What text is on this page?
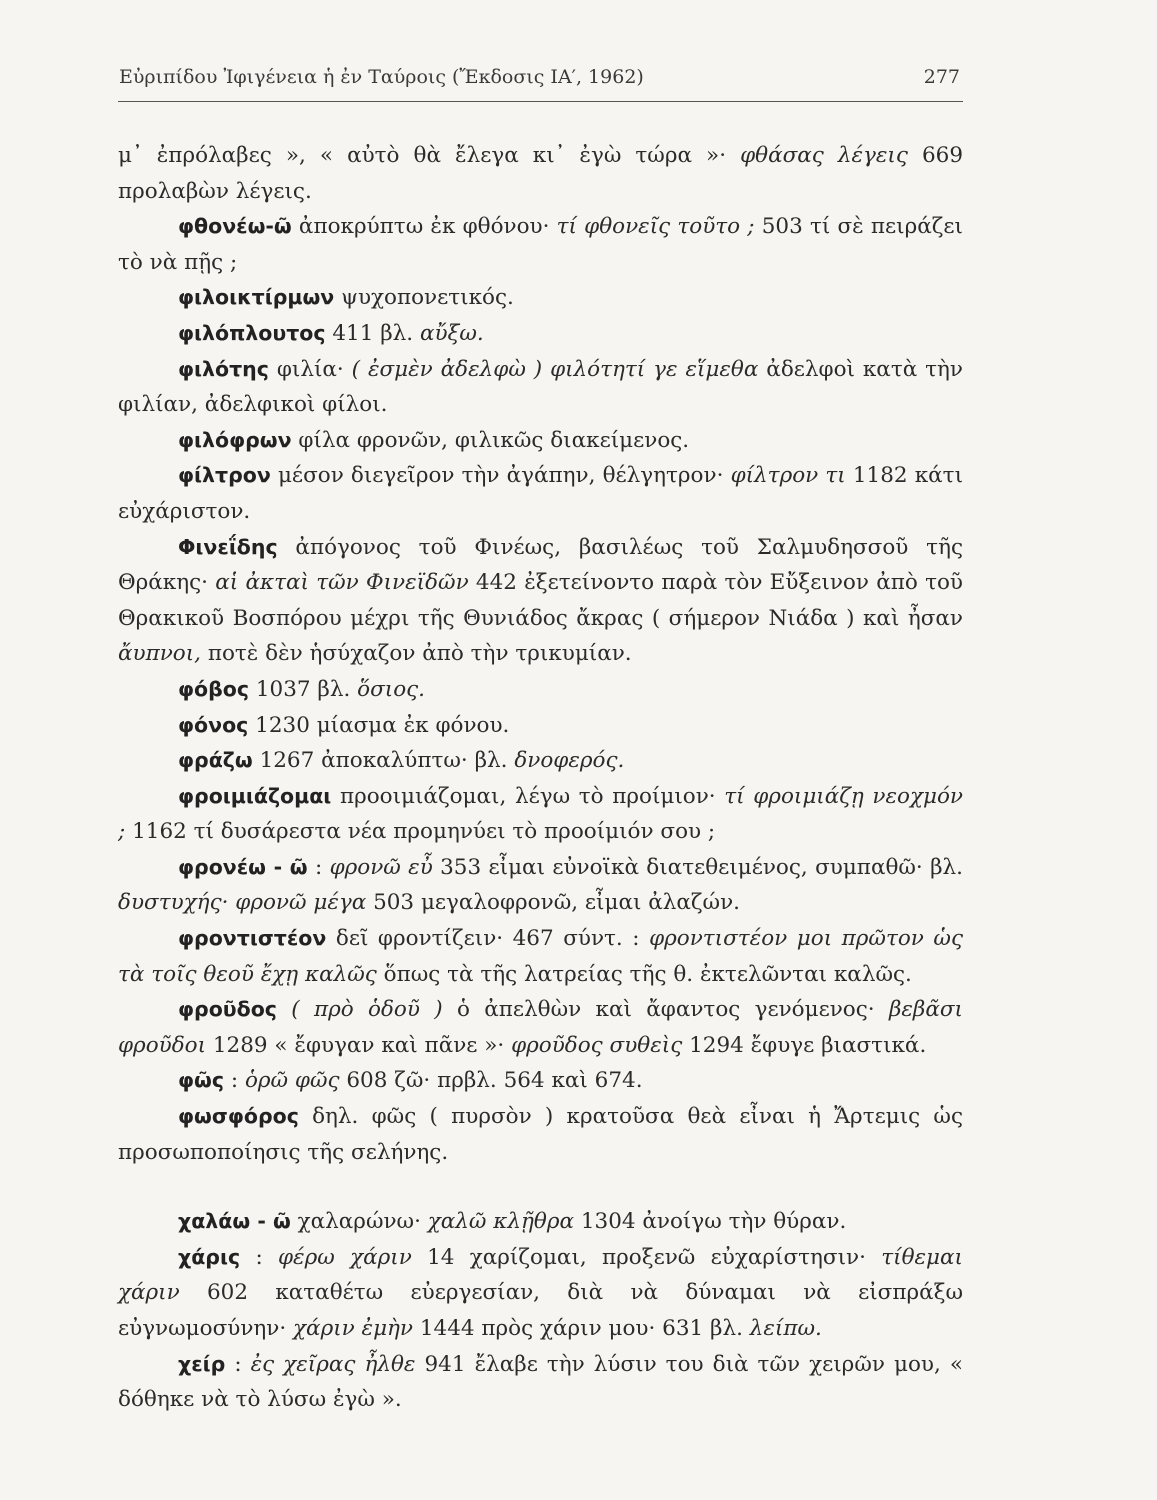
Εὐριπίδου Ἰφιγένεια ἡ ἐν Ταύροις (Ἔκδοσις ΙΑ′, 1962)	277

μ᾽ ἐπρόλαβες », « αὐτὸ θὰ ἔλεγα κι᾽ ἐγὼ τώρα »· φθάσας λέγεις 669 προλαβὼν λέγεις.

φθονέω-ῶ ἀποκρύπτω ἐκ φθόνου· τί φθονεῖς τοῦτο ; 503 τί σὲ πειράζει τὸ νὰ πῇς ;

φιλοικτίρμων ψυχοπονετικός.

φιλόπλουτος 411 βλ. αὔξω.

φιλότης φιλία· ( ἐσμὲν ἀδελφὼ ) φιλότητί γε εἵμεθα ἀδελφοὶ κατὰ τὴν φιλίαν, ἀδελφικοὶ φίλοι.

φιλόφρων φίλα φρονῶν, φιλικῶς διακείμενος.

φίλτρον μέσον διεγεῖρον τὴν ἀγάπην, θέλγητρον· φίλτρον τι 1182 κάτι εὐχάριστον.

Φινεΐδης ἀπόγονος τοῦ Φινέως, βασιλέως τοῦ Σαλμυδησσοῦ τῆς Θράκης· αἱ ἀκταὶ τῶν Φινεϊδῶν 442 ἐξετείνοντο παρὰ τὸν Εὔξεινον ἀπὸ τοῦ Θρακικοῦ Βοσπόρου μέχρι τῆς Θυνιάδος ἄκρας ( σήμερον Νιάδα ) καὶ ἦσαν ἄυπνοι, ποτὲ δὲν ἡσύχαζον ἀπὸ τὴν τρικυμίαν.

φόβος 1037 βλ. ὅσιος.

φόνος 1230 μίασμα ἐκ φόνου.

φράζω 1267 ἀποκαλύπτω· βλ. δνοφερός.

φροιμιάζομαι προοιμιάζομαι, λέγω τὸ προίμιον· τί φροιμιάζῃ νεοχμόν ; 1162 τί δυσάρεστα νέα προμηνύει τὸ προοίμιόν σου ;

φρονέω - ῶ : φρονῶ εὖ 353 εἶμαι εὐνοϊκὰ διατεθειμένος, συμπαθῶ· βλ. δυστυχής· φρονῶ μέγα 503 μεγαλοφρονῶ, εἶμαι ἀλαζών.

φροντιστέον δεῖ φροντίζειν· 467 σύντ. : φροντιστέον μοι πρῶτον ὡς τὰ τοῖς θεοῦ ἔχῃ καλῶς ὅπως τὰ τῆς λατρείας τῆς θ. ἐκτελῶνται καλῶς.

φροῦδος ( πρὸ ὁδοῦ ) ὁ ἀπελθὼν καὶ ἄφαντος γενόμενος· βεβᾶσι φροῦδοι 1289 « ἔφυγαν καὶ πᾶνε »· φροῦδος συθεὶς 1294 ἔφυγε βιαστικά.

φῶς : ὁρῶ φῶς 608 ζῶ· πρβλ. 564 καὶ 674.

φωσφόρος δηλ. φῶς ( πυρσὸν ) κρατοῦσα θεὰ εἶναι ἡ Ἄρτεμις ὡς προσωποποίησις τῆς σελήνης.

χαλάω - ῶ χαλαρώνω· χαλῶ κλῇθρα 1304 ἀνοίγω τὴν θύραν.

χάρις : φέρω χάριν 14 χαρίζομαι, προξενῶ εὐχαρίστησιν· τίθεμαι χάριν 602 καταθέτω εὐεργεσίαν, διὰ νὰ δύναμαι νὰ εἰσπράξω εὐγνωμοσύνην· χάριν ἐμὴν 1444 πρὸς χάριν μου· 631 βλ. λείπω.

χείρ : ἐς χεῖρας ἦλθε 941 ἔλαβε τὴν λύσιν του διὰ τῶν χειρῶν μου, « δόθηκε νὰ τὸ λύσω ἐγὼ ».
